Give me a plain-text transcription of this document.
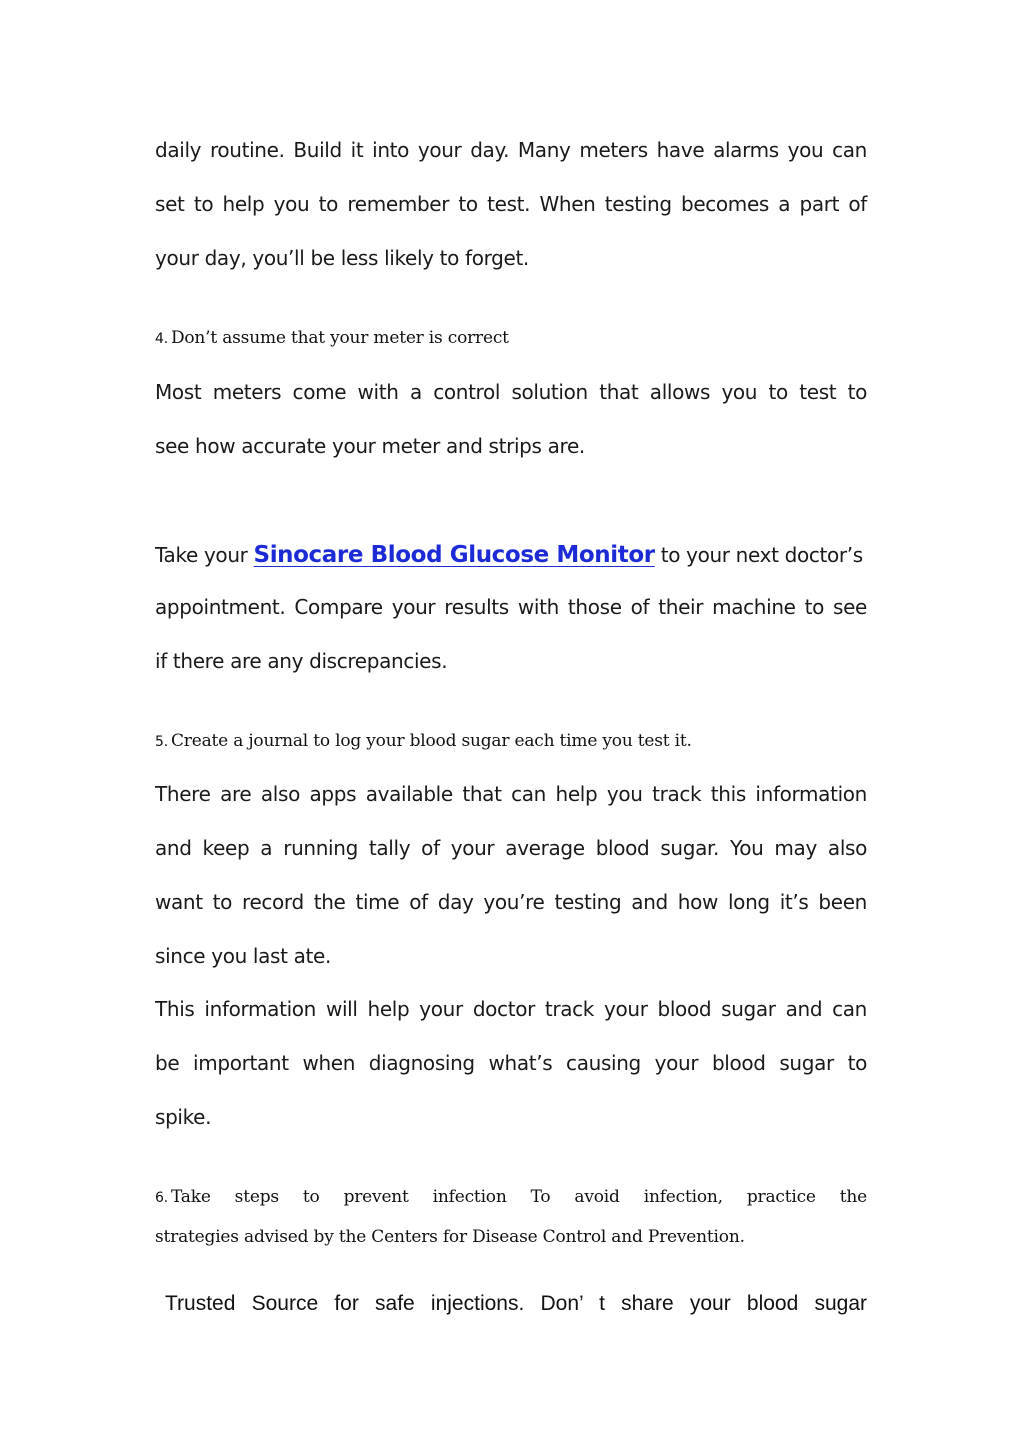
daily routine. Build it into your day. Many meters have alarms you can
set to help you to remember to test. When testing becomes a part of
your day, you’ll be less likely to forget.
4. Don’t assume that your meter is correct
Most meters come with a control solution that allows you to test to
see how accurate your meter and strips are.
Take your Sinocare Blood Glucose Monitor to your next doctor’s
appointment. Compare your results with those of their machine to see
if there are any discrepancies.
5. Create a journal to log your blood sugar each time you test it.
There are also apps available that can help you track this information
and keep a running tally of your average blood sugar. You may also
want to record the time of day you’re testing and how long it’s been
since you last ate.
This information will help your doctor track your blood sugar and can
be important when diagnosing what’s causing your blood sugar to
spike.
6. Take steps to prevent infection To avoid infection, practice the
strategies advised by the Centers for Disease Control and Prevention.
Trusted Source for safe injections. Don’ t share your blood sugar
